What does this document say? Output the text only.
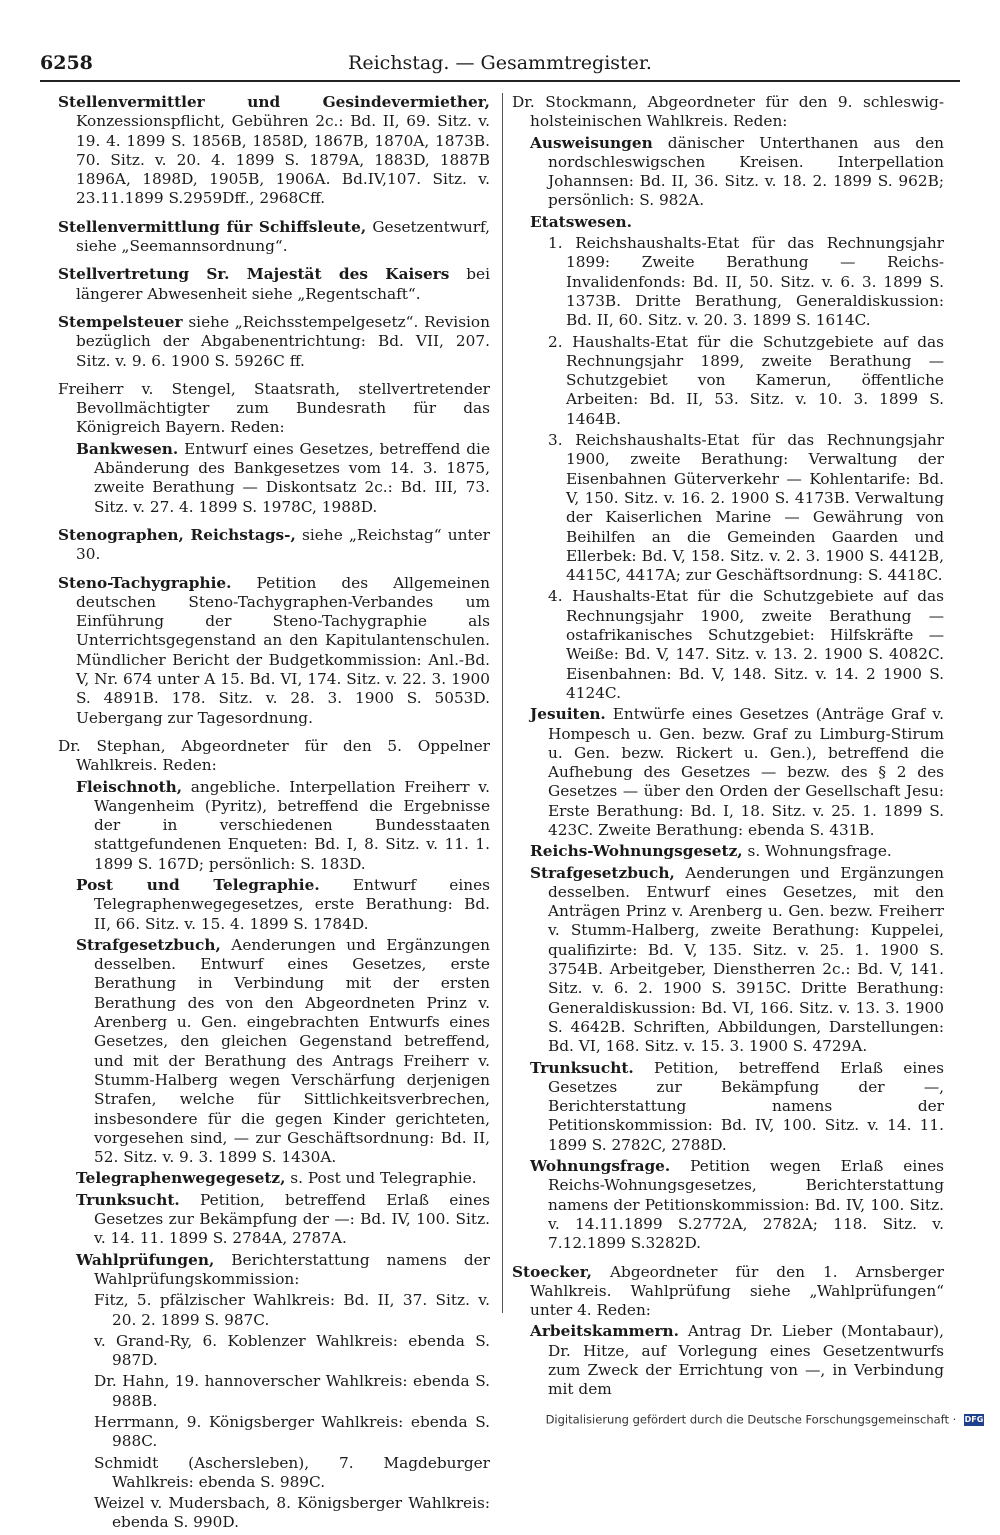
6258	Reichstag. — Gesammtregister.

Stellenvermittler und Gesindevermiether, Konzessionspflicht, Gebühren 2c.: Bd. II, 69. Sitz. v. 19. 4. 1899 S. 1856B, 1858D, 1867B, 1870A, 1873B. 70. Sitz. v. 20. 4. 1899 S. 1879A, 1883D, 1887B 1896A, 1898D, 1905B, 1906A. Bd.IV,107. Sitz. v. 23.11.1899 S.2959Dff., 2968Cff.

Stellenvermittlung für Schiffsleute, Gesetzentwurf, siehe „Seemannsordnung“.

Stellvertretung Sr. Majestät des Kaisers bei längerer Abwesenheit siehe „Regentschaft“.

Stempelsteuer siehe „Reichsstempelgesetz“. Revision bezüglich der Abgabenentrichtung: Bd. VII, 207. Sitz. v. 9. 6. 1900 S. 5926C ff.

Freiherr v. Stengel, Staatsrath, stellvertretender Bevollmächtigter zum Bundesrath für das Königreich Bayern. Reden:

Bankwesen. Entwurf eines Gesetzes, betreffend die Abänderung des Bankgesetzes vom 14. 3. 1875, zweite Berathung — Diskontsatz 2c.: Bd. III, 73. Sitz. v. 27. 4. 1899 S. 1978C, 1988D.

Stenographen, Reichstags-, siehe „Reichstag“ unter 30.

Steno-Tachygraphie. Petition des Allgemeinen deutschen Steno-Tachygraphen-Verbandes um Einführung der Steno-Tachygraphie als Unterrichtsgegenstand an den Kapitulantenschulen. Mündlicher Bericht der Budgetkommission: Anl.-Bd. V, Nr. 674 unter A 15. Bd. VI, 174. Sitz. v. 22. 3. 1900 S. 4891B. 178. Sitz. v. 28. 3. 1900 S. 5053D. Uebergang zur Tagesordnung.

Dr. Stephan, Abgeordneter für den 5. Oppelner Wahlkreis. Reden:

Fleischnoth, angebliche. Interpellation Freiherr v. Wangenheim (Pyritz), betreffend die Ergebnisse der in verschiedenen Bundesstaaten stattgefundenen Enqueten: Bd. I, 8. Sitz. v. 11. 1. 1899 S. 167D; persönlich: S. 183D.

Post und Telegraphie. Entwurf eines Telegraphenwegegesetzes, erste Berathung: Bd. II, 66. Sitz. v. 15. 4. 1899 S. 1784D.

Strafgesetzbuch, Aenderungen und Ergänzungen desselben. Entwurf eines Gesetzes, erste Berathung in Verbindung mit der ersten Berathung des von den Abgeordneten Prinz v. Arenberg u. Gen. eingebrachten Entwurfs eines Gesetzes, den gleichen Gegenstand betreffend, und mit der Berathung des Antrags Freiherr v. Stumm-Halberg wegen Verschärfung derjenigen Strafen, welche für Sittlichkeitsverbrechen, insbesondere für die gegen Kinder gerichteten, vorgesehen sind, — zur Geschäftsordnung: Bd. II, 52. Sitz. v. 9. 3. 1899 S. 1430A.

Telegraphenwegegesetz, s. Post und Telegraphie.

Trunksucht. Petition, betreffend Erlaß eines Gesetzes zur Bekämpfung der —: Bd. IV, 100. Sitz. v. 14. 11. 1899 S. 2784A, 2787A.

Wahlprüfungen, Berichterstattung namens der Wahlprüfungskommission:

Fitz, 5. pfälzischer Wahlkreis: Bd. II, 37. Sitz. v. 20. 2. 1899 S. 987C.

v. Grand-Ry, 6. Koblenzer Wahlkreis: ebenda S. 987D.

Dr. Hahn, 19. hannoverscher Wahlkreis: ebenda S. 988B.

Herrmann, 9. Königsberger Wahlkreis: ebenda S. 988C.

Schmidt (Aschersleben), 7. Magdeburger Wahlkreis: ebenda S. 989C.

Weizel v. Mudersbach, 8. Königsberger Wahlkreis: ebenda S. 990D.

Dr. Stockmann, Abgeordneter für den 9. schleswig-holsteinischen Wahlkreis. Reden:

Ausweisungen dänischer Unterthanen aus den nordschleswigschen Kreisen. Interpellation Johannsen: Bd. II, 36. Sitz. v. 18. 2. 1899 S. 962B; persönlich: S. 982A.

Etatswesen.

1. Reichshaushalts-Etat für das Rechnungsjahr 1899: Zweite Berathung — Reichs-Invalidenfonds: Bd. II, 50. Sitz. v. 6. 3. 1899 S. 1373B. Dritte Berathung, Generaldiskussion: Bd. II, 60. Sitz. v. 20. 3. 1899 S. 1614C.

2. Haushalts-Etat für die Schutzgebiete auf das Rechnungsjahr 1899, zweite Berathung — Schutzgebiet von Kamerun, öffentliche Arbeiten: Bd. II, 53. Sitz. v. 10. 3. 1899 S. 1464B.

3. Reichshaushalts-Etat für das Rechnungsjahr 1900, zweite Berathung: Verwaltung der Eisenbahnen Güterverkehr — Kohlentarife: Bd. V, 150. Sitz. v. 16. 2. 1900 S. 4173B. Verwaltung der Kaiserlichen Marine — Gewährung von Beihilfen an die Gemeinden Gaarden und Ellerbek: Bd. V, 158. Sitz. v. 2. 3. 1900 S. 4412B, 4415C, 4417A; zur Geschäftsordnung: S. 4418C.

4. Haushalts-Etat für die Schutzgebiete auf das Rechnungsjahr 1900, zweite Berathung — ostafrikanisches Schutzgebiet: Hilfskräfte — Weiße: Bd. V, 147. Sitz. v. 13. 2. 1900 S. 4082C. Eisenbahnen: Bd. V, 148. Sitz. v. 14. 2 1900 S. 4124C.

Jesuiten. Entwürfe eines Gesetzes (Anträge Graf v. Hompesch u. Gen. bezw. Graf zu Limburg-Stirum u. Gen. bezw. Rickert u. Gen.), betreffend die Aufhebung des Gesetzes — bezw. des § 2 des Gesetzes — über den Orden der Gesellschaft Jesu: Erste Berathung: Bd. I, 18. Sitz. v. 25. 1. 1899 S. 423C. Zweite Berathung: ebenda S. 431B.

Reichs-Wohnungsgesetz, s. Wohnungsfrage.

Strafgesetzbuch, Aenderungen und Ergänzungen desselben. Entwurf eines Gesetzes, mit den Anträgen Prinz v. Arenberg u. Gen. bezw. Freiherr v. Stumm-Halberg, zweite Berathung: Kuppelei, qualifizirte: Bd. V, 135. Sitz. v. 25. 1. 1900 S. 3754B. Arbeitgeber, Dienstherren 2c.: Bd. V, 141. Sitz. v. 6. 2. 1900 S. 3915C. Dritte Berathung: Generaldiskussion: Bd. VI, 166. Sitz. v. 13. 3. 1900 S. 4642B. Schriften, Abbildungen, Darstellungen: Bd. VI, 168. Sitz. v. 15. 3. 1900 S. 4729A.

Trunksucht. Petition, betreffend Erlaß eines Gesetzes zur Bekämpfung der —, Berichterstattung namens der Petitionskommission: Bd. IV, 100. Sitz. v. 14. 11. 1899 S. 2782C, 2788D.

Wohnungsfrage. Petition wegen Erlaß eines Reichs-Wohnungsgesetzes, Berichterstattung namens der Petitionskommission: Bd. IV, 100. Sitz. v. 14.11.1899 S.2772A, 2782A; 118. Sitz. v. 7.12.1899 S.3282D.

Stoecker, Abgeordneter für den 1. Arnsberger Wahlkreis. Wahlprüfung siehe „Wahlprüfungen“ unter 4. Reden:

Arbeitskammern. Antrag Dr. Lieber (Montabaur), Dr. Hitze, auf Vorlegung eines Gesetzentwurfs zum Zweck der Errichtung von —, in Verbindung mit dem

Digitalisierung gefördert durch die Deutsche Forschungsgemeinschaft · DFG
